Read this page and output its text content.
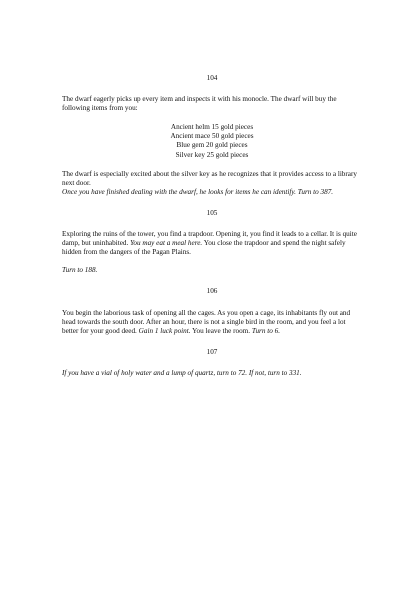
104

The dwarf eagerly picks up every item and inspects it with his monocle. The dwarf will buy the following items from you:

Ancient helm 15 gold pieces
Ancient mace 50 gold pieces
Blue gem 20 gold pieces
Silver key 25 gold pieces

The dwarf is especially excited about the silver key as he recognizes that it provides access to a library next door.
Once you have finished dealing with the dwarf, he looks for items he can identify. Turn to 387.

105

Exploring the ruins of the tower, you find a trapdoor. Opening it, you find it leads to a cellar. It is quite damp, but uninhabited. You may eat a meal here. You close the trapdoor and spend the night safely hidden from the dangers of the Pagan Plains.

Turn to 188.

106

You begin the laborious task of opening all the cages. As you open a cage, its inhabitants fly out and head towards the south door. After an hour, there is not a single bird in the room, and you feel a lot better for your good deed. Gain 1 luck point. You leave the room. Turn to 6.

107

If you have a vial of holy water and a lump of quartz, turn to 72. If not, turn to 331.
